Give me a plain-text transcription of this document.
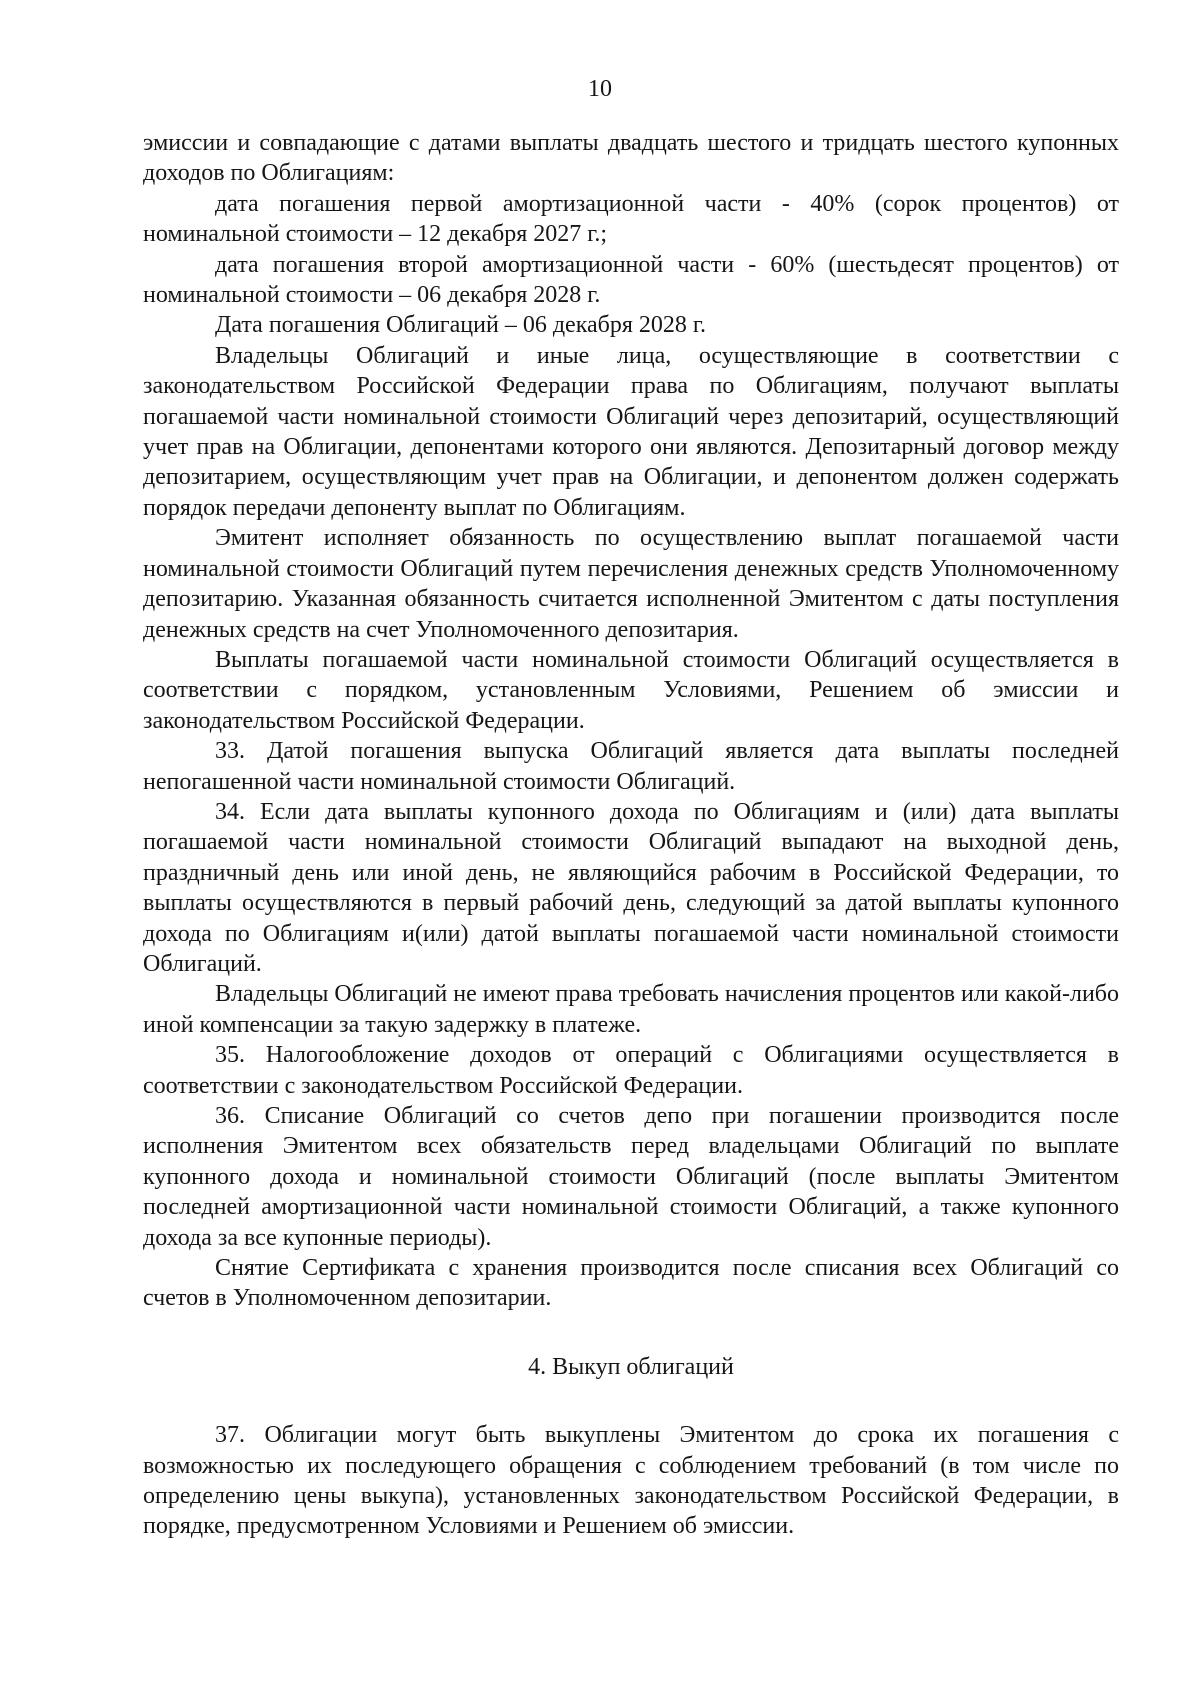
10

эмиссии и совпадающие с датами выплаты двадцать шестого и тридцать шестого купонных доходов по Облигациям:

дата погашения первой амортизационной части - 40% (сорок процентов) от номинальной стоимости – 12 декабря 2027 г.;

дата погашения второй амортизационной части - 60% (шестьдесят процентов) от номинальной стоимости – 06 декабря 2028 г.

Дата погашения Облигаций – 06 декабря 2028 г.

Владельцы Облигаций и иные лица, осуществляющие в соответствии с законодательством Российской Федерации права по Облигациям, получают выплаты погашаемой части номинальной стоимости Облигаций через депозитарий, осуществляющий учет прав на Облигации, депонентами которого они являются. Депозитарный договор между депозитарием, осуществляющим учет прав на Облигации, и депонентом должен содержать порядок передачи депоненту выплат по Облигациям.

Эмитент исполняет обязанность по осуществлению выплат погашаемой части номинальной стоимости Облигаций путем перечисления денежных средств Уполномоченному депозитарию. Указанная обязанность считается исполненной Эмитентом с даты поступления денежных средств на счет Уполномоченного депозитария.

Выплаты погашаемой части номинальной стоимости Облигаций осуществляется в соответствии с порядком, установленным Условиями, Решением об эмиссии и законодательством Российской Федерации.

33. Датой погашения выпуска Облигаций является дата выплаты последней непогашенной части номинальной стоимости Облигаций.

34. Если дата выплаты купонного дохода по Облигациям и (или) дата выплаты погашаемой части номинальной стоимости Облигаций выпадают на выходной день, праздничный день или иной день, не являющийся рабочим в Российской Федерации, то выплаты осуществляются в первый рабочий день, следующий за датой выплаты купонного дохода по Облигациям и(или) датой выплаты погашаемой части номинальной стоимости Облигаций.

Владельцы Облигаций не имеют права требовать начисления процентов или какой-либо иной компенсации за такую задержку в платеже.

35. Налогообложение доходов от операций с Облигациями осуществляется в соответствии с законодательством Российской Федерации.

36. Списание Облигаций со счетов депо при погашении производится после исполнения Эмитентом всех обязательств перед владельцами Облигаций по выплате купонного дохода и номинальной стоимости Облигаций (после выплаты Эмитентом последней амортизационной части номинальной стоимости Облигаций, а также купонного дохода за все купонные периоды).

Снятие Сертификата с хранения производится после списания всех Облигаций со счетов в Уполномоченном депозитарии.

4. Выкуп облигаций

37. Облигации могут быть выкуплены Эмитентом до срока их погашения с возможностью их последующего обращения с соблюдением требований (в том числе по определению цены выкупа), установленных законодательством Российской Федерации, в порядке, предусмотренном Условиями и Решением об эмиссии.
